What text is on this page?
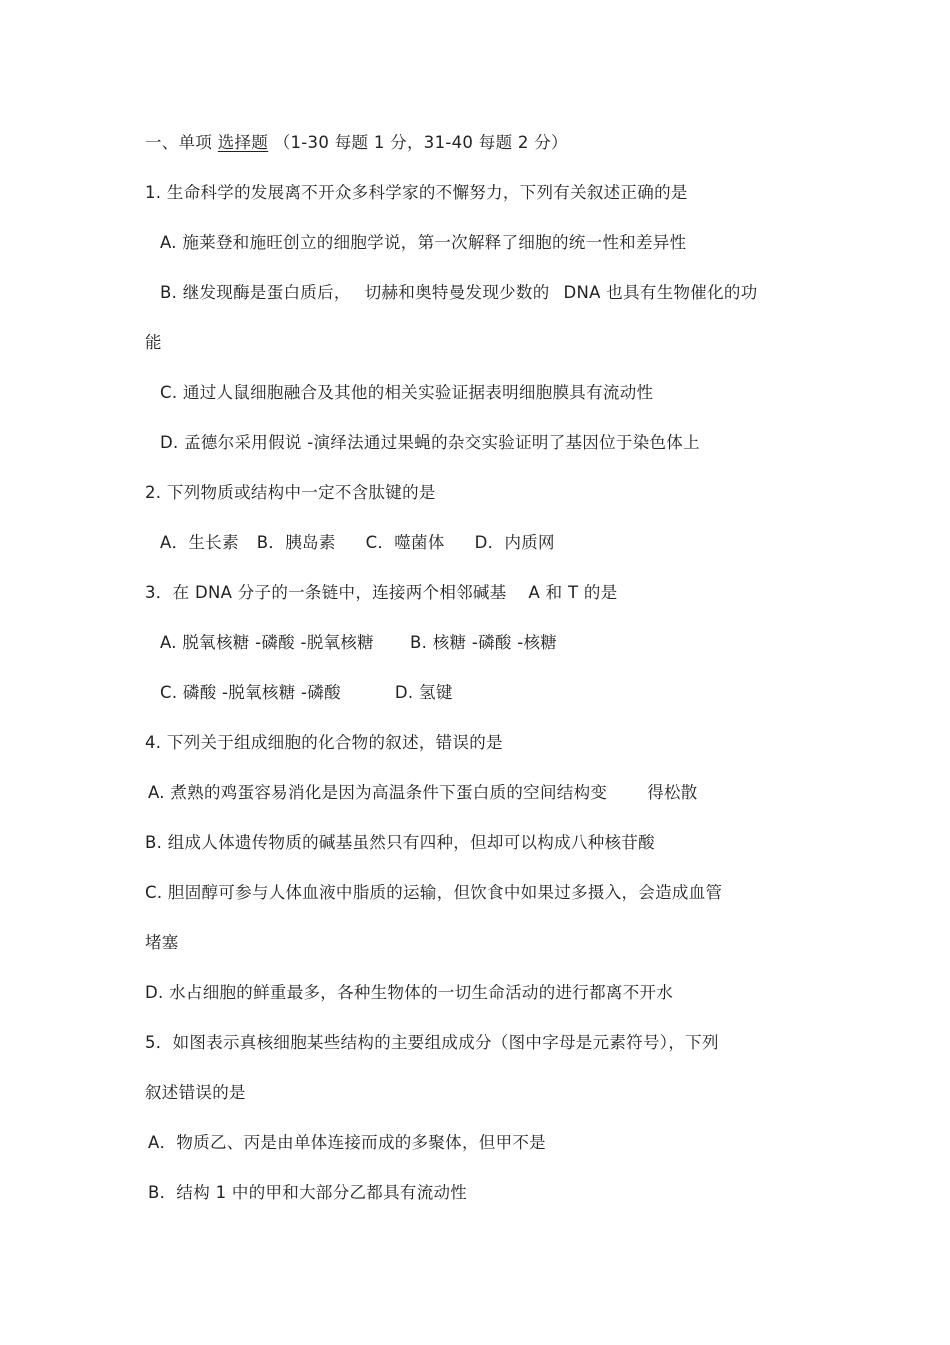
一、单项 选择题 （1-30 每题 1 分，31-40 每题 2 分）
1. 生命科学的发展离不开众多科学家的不懈努力，下列有关叙述正确的是
A. 施莱登和施旺创立的细胞学说，第一次解释了细胞的统一性和差异性
B. 继发现酶是蛋白质后， 切赫和奥特曼发现少数的 DNA 也具有生物催化的功
能
C. 通过人鼠细胞融合及其他的相关实验证据表明细胞膜具有流动性
D. 孟德尔采用假说 -演绎法通过果蝇的杂交实验证明了基因位于染色体上
2. 下列物质或结构中一定不含肽键的是
A．生长素 B．胰岛素 C．噬菌体 D．内质网
3．在 DNA 分子的一条链中，连接两个相邻碱基 A 和 T 的是
A. 脱氧核糖 -磷酸 -脱氧核糖 B. 核糖 -磷酸 -核糖
C. 磷酸 -脱氧核糖 -磷酸	D. 氢键
4. 下列关于组成细胞的化合物的叙述，错误的是
A. 煮熟的鸡蛋容易消化是因为高温条件下蛋白质的空间结构变 得松散
B. 组成人体遗传物质的碱基虽然只有四种，但却可以构成八种核苷酸
C. 胆固醇可参与人体血液中脂质的运输，但饮食中如果过多摄入，会造成血管
堵塞
D. 水占细胞的鲜重最多，各种生物体的一切生命活动的进行都离不开水
5．如图表示真核细胞某些结构的主要组成成分（图中字母是元素符号），下列
叙述错误的是
A．物质乙、丙是由单体连接而成的多聚体，但甲不是
B．结构 1 中的甲和大部分乙都具有流动性
